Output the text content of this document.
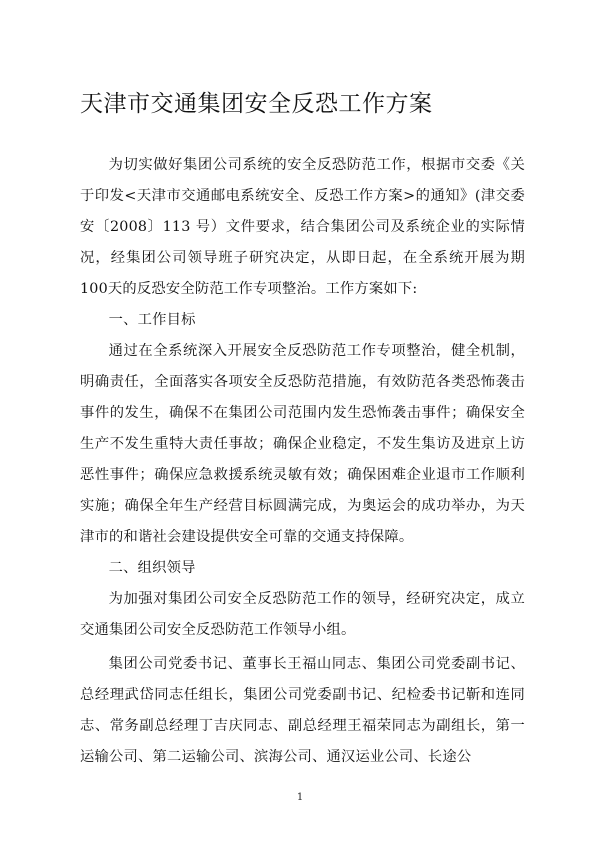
天津市交通集团安全反恐工作方案

为切实做好集团公司系统的安全反恐防范工作，根据市交委《关于印发<天津市交通邮电系统安全、反恐工作方案>的通知》(津交委安〔2008〕113 号）文件要求，结合集团公司及系统企业的实际情况，经集团公司领导班子研究决定，从即日起，在全系统开展为期100天的反恐安全防范工作专项整治。工作方案如下:

一、工作目标

通过在全系统深入开展安全反恐防范工作专项整治，健全机制，明确责任，全面落实各项安全反恐防范措施，有效防范各类恐怖袭击事件的发生，确保不在集团公司范围内发生恐怖袭击事件；确保安全生产不发生重特大责任事故；确保企业稳定，不发生集访及进京上访恶性事件；确保应急救援系统灵敏有效；确保困难企业退市工作顺利实施；确保全年生产经营目标圆满完成，为奥运会的成功举办，为天津市的和谐社会建设提供安全可靠的交通支持保障。

二、组织领导

为加强对集团公司安全反恐防范工作的领导，经研究决定，成立交通集团公司安全反恐防范工作领导小组。

集团公司党委书记、董事长王福山同志、集团公司党委副书记、总经理武岱同志任组长，集团公司党委副书记、纪检委书记靳和连同志、常务副总经理丁吉庆同志、副总经理王福荣同志为副组长，第一运输公司、第二运输公司、滨海公司、通汉运业公司、长途公

1
